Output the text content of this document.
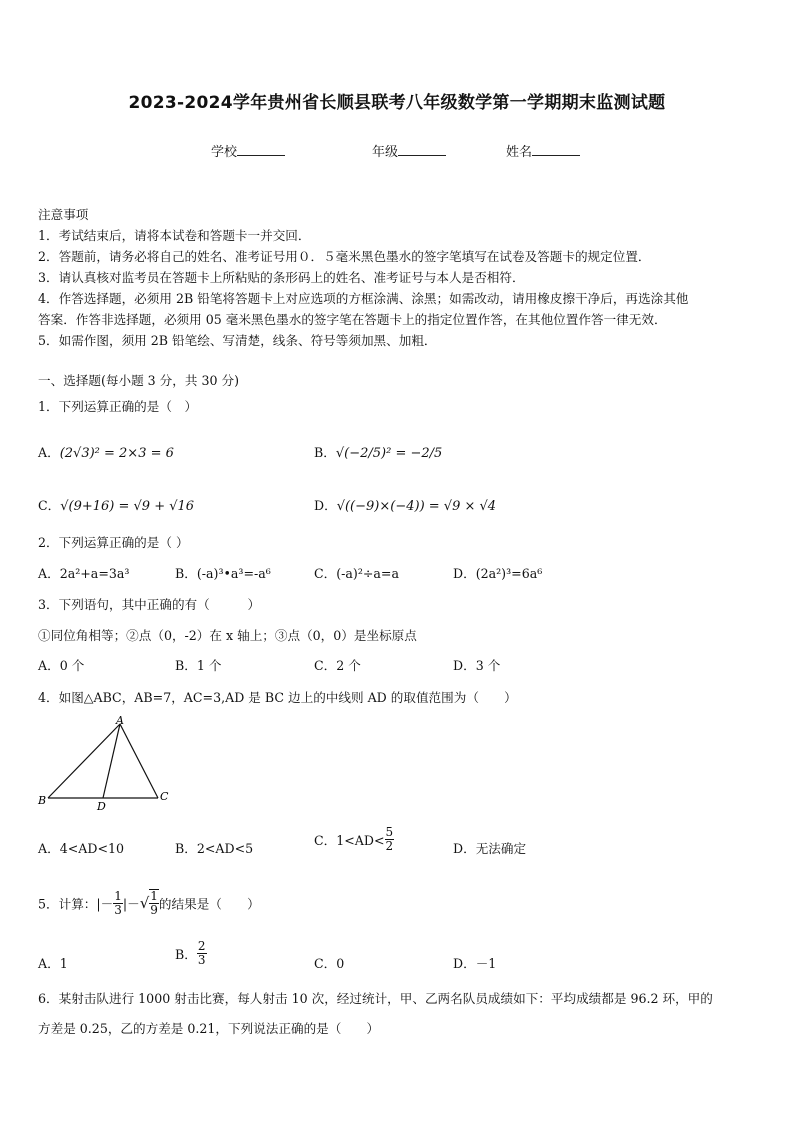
2023-2024学年贵州省长顺县联考八年级数学第一学期期末监测试题
学校	年级	姓名
注意事项
1．考试结束后，请将本试卷和答题卡一并交回．
2．答题前，请务必将自己的姓名、准考证号用０．５毫米黑色墨水的签字笔填写在试卷及答题卡的规定位置．
3．请认真核对监考员在答题卡上所粘贴的条形码上的姓名、准考证号与本人是否相符．
4．作答选择题，必须用 2B 铅笔将答题卡上对应选项的方框涂满、涂黑；如需改动，请用橡皮擦干净后，再选涂其他
答案．作答非选择题，必须用 05 毫米黑色墨水的签字笔在答题卡上的指定位置作答，在其他位置作答一律无效．
5．如需作图，须用 2B 铅笔绘、写清楚，线条、符号等须加黑、加粗．
一、选择题(每小题 3 分，共 30 分)
1．下列运算正确的是（　）
A．(2√3)² = 2×3 = 6	B．√(−2/5)² = −2/5
C．√(9+16) = √9 + √16	D．√((−9)×(−4)) = √9 × √4
2．下列运算正确的是（ ）
A．2a²+a=3a³	B．(-a)³•a³=-a⁶	C．(-a)²÷a=a	D．(2a²)³=6a⁶
3．下列语句，其中正确的有（　　　）
①同位角相等；②点（0，-2）在 x 轴上；③点（0，0）是坐标原点
A．0 个	B．1 个	C．2 个	D．3 个
4．如图△ABC，AB=7，AC=3,AD 是 BC 边上的中线则 AD 的取值范围为（　　）
A
B	C
D
A．4<AD<10	B．2<AD<5
C．$1<AD< \frac{5}{2}$	D．无法确定
5．计算：|－ $\frac{1}{3}$ |－√ $\frac{1}{9}$ 的结果是（　　）
A．1
B． $\frac{2}{3}$	C．0	D．－1
6．某射击队进行 1000 射击比赛，每人射击 10 次，经过统计，甲、乙两名队员成绩如下：平均成绩都是 96.2 环，甲的
方差是 0.25，乙的方差是 0.21，下列说法正确的是（　　）
